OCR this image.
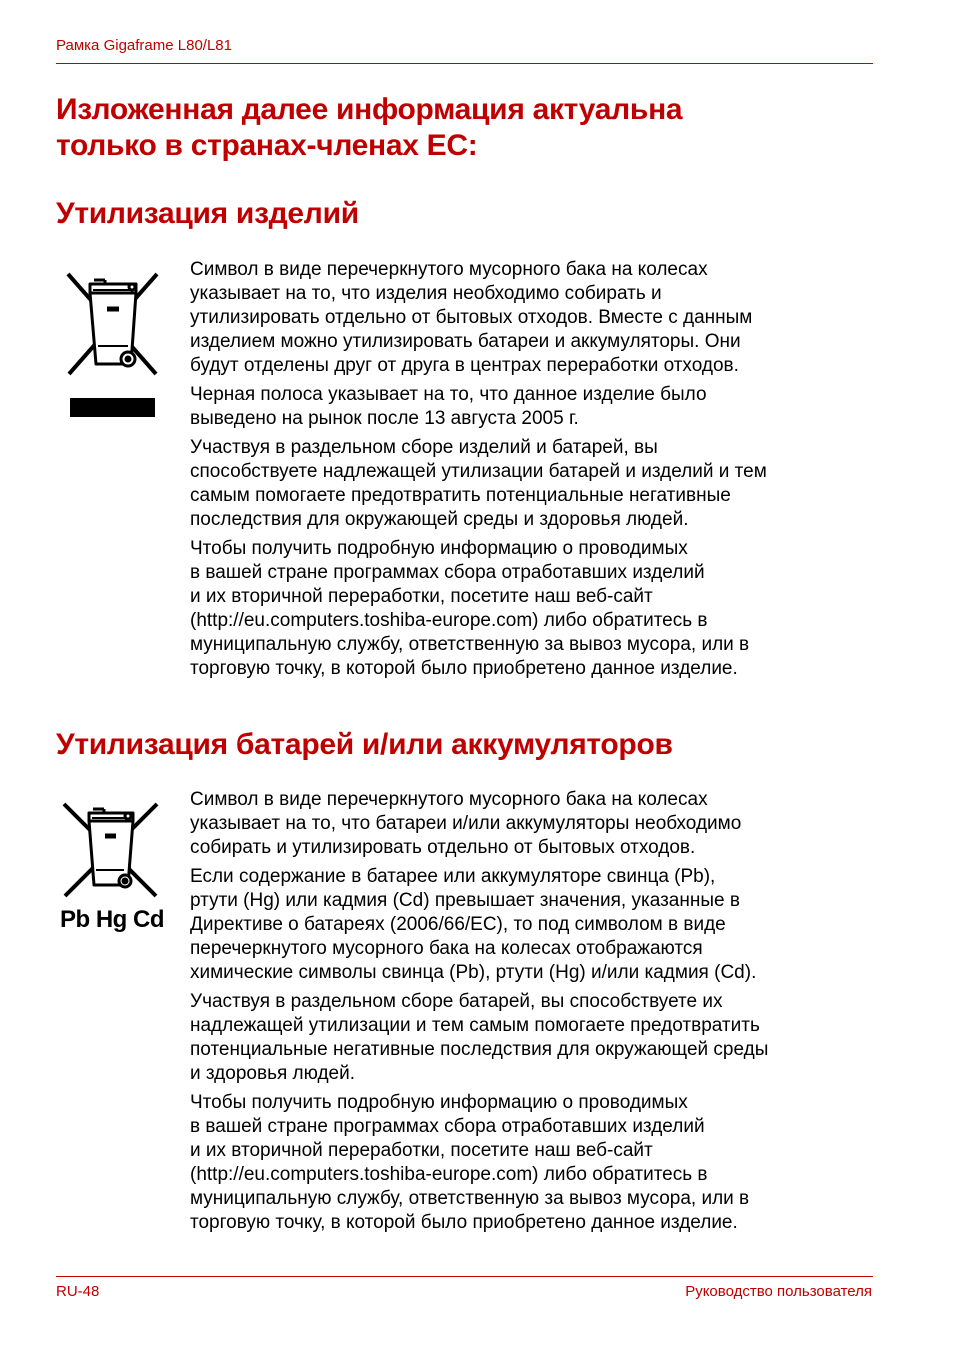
Рамка Gigaframe L80/L81
Изложенная далее информация актуальна
только в странах-членах ЕС:
Утилизация изделий

Символ в виде перечеркнутого мусорного бака на колесах
указывает на то, что изделия необходимо собирать и
утилизировать отдельно от бытовых отходов. Вместе с данным
изделием можно утилизировать батареи и аккумуляторы. Они
будут отделены друг от друга в центрах переработки отходов.

Черная полоса указывает на то, что данное изделие было
выведено на рынок после 13 августа 2005 г.

Участвуя в раздельном сборе изделий и батарей, вы
способствуете надлежащей утилизации батарей и изделий и тем
самым помогаете предотвратить потенциальные негативные
последствия для окружающей среды и здоровья людей.

Чтобы получить подробную информацию о проводимых
в вашей стране программах сбора отработавших изделий
и их вторичной переработки, посетите наш веб-сайт
(http://eu.computers.toshiba-europe.com) либо обратитесь в
муниципальную службу, ответственную за вывоз мусора, или в
торговую точку, в которой было приобретено данное изделие.

Утилизация батарей и/или аккумуляторов
Pb Hg Cd

Символ в виде перечеркнутого мусорного бака на колесах
указывает на то, что батареи и/или аккумуляторы необходимо
собирать и утилизировать отдельно от бытовых отходов.

Если содержание в батарее или аккумуляторе свинца (Pb),
ртути (Hg) или кадмия (Cd) превышает значения, указанные в
Директиве о батареях (2006/66/EC), то под символом в виде
перечеркнутого мусорного бака на колесах отображаются
химические символы свинца (Pb), ртути (Hg) и/или кадмия (Cd).

Участвуя в раздельном сборе батарей, вы способствуете их
надлежащей утилизации и тем самым помогаете предотвратить
потенциальные негативные последствия для окружающей среды
и здоровья людей.

Чтобы получить подробную информацию о проводимых
в вашей стране программах сбора отработавших изделий
и их вторичной переработки, посетите наш веб-сайт
(http://eu.computers.toshiba-europe.com) либо обратитесь в
муниципальную службу, ответственную за вывоз мусора, или в
торговую точку, в которой было приобретено данное изделие.

RU-48	Руководство пользователя
